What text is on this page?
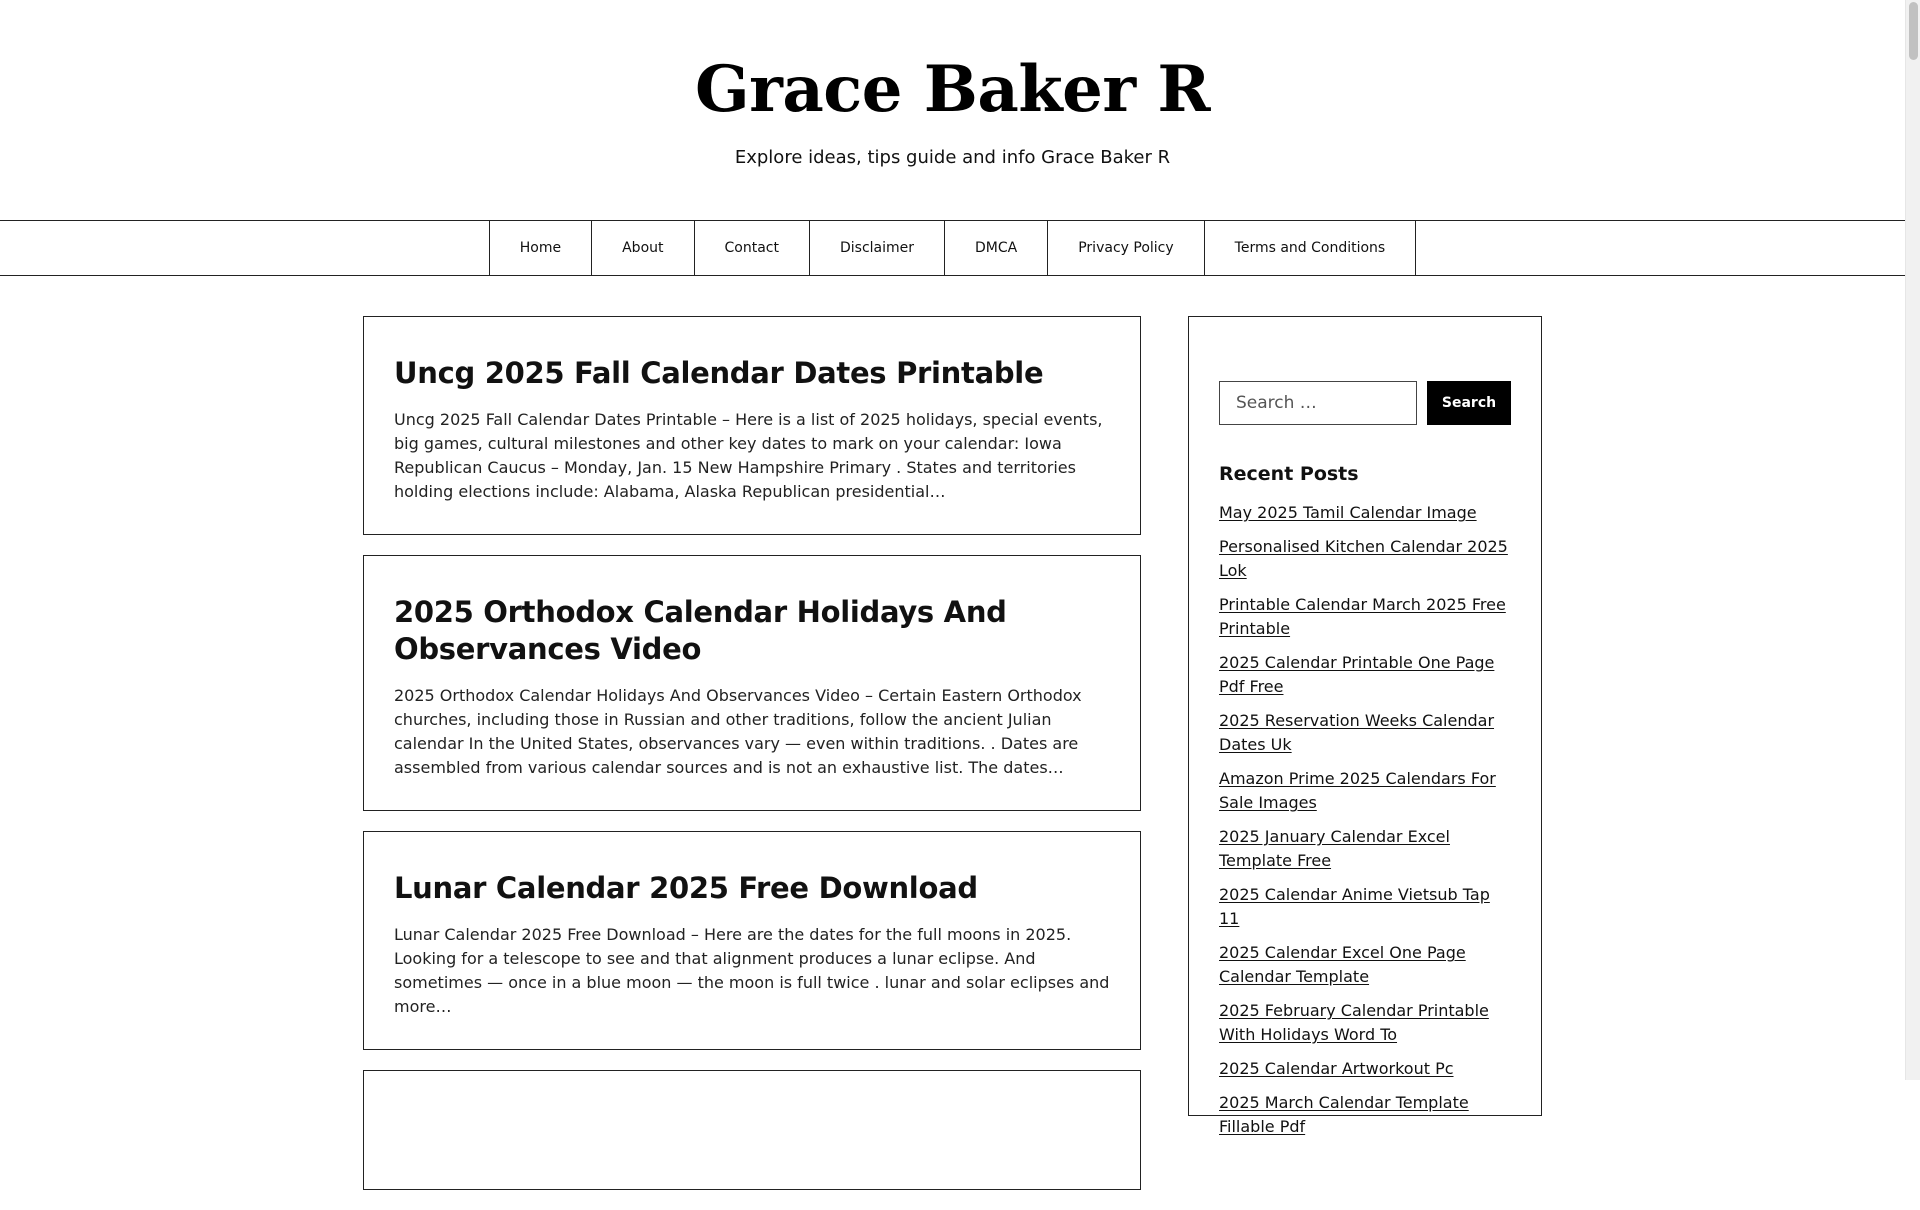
Grace Baker R

Explore ideas, tips guide and info Grace Baker R

Home	About	Contact	Disclaimer	DMCA	Privacy Policy	Terms and Conditions
Uncg 2025 Fall Calendar Dates Printable

Uncg 2025 Fall Calendar Dates Printable – Here is a list of 2025 holidays, special events, big games, cultural milestones and other key dates to mark on your calendar: Iowa Republican Caucus – Monday, Jan. 15 New Hampshire Primary . States and territories holding elections include: Alabama, Alaska Republican presidential…

2025 Orthodox Calendar Holidays And Observances Video

2025 Orthodox Calendar Holidays And Observances Video – Certain Eastern Orthodox churches, including those in Russian and other traditions, follow the ancient Julian calendar In the United States, observances vary — even within traditions. . Dates are assembled from various calendar sources and is not an exhaustive list. The dates…

Lunar Calendar 2025 Free Download

Lunar Calendar 2025 Free Download – Here are the dates for the full moons in 2025. Looking for a telescope to see and that alignment produces a lunar eclipse. And sometimes — once in a blue moon — the moon is full twice . lunar and solar eclipses and more…

Search …
Search
Recent Posts
May 2025 Tamil Calendar Image
Personalised Kitchen Calendar 2025 Lok
Printable Calendar March 2025 Free Printable
2025 Calendar Printable One Page Pdf Free
2025 Reservation Weeks Calendar Dates Uk
Amazon Prime 2025 Calendars For Sale Images
2025 January Calendar Excel Template Free
2025 Calendar Anime Vietsub Tap 11
2025 Calendar Excel One Page Calendar Template
2025 February Calendar Printable With Holidays Word To
2025 Calendar Artworkout Pc
2025 March Calendar Template Fillable Pdf
